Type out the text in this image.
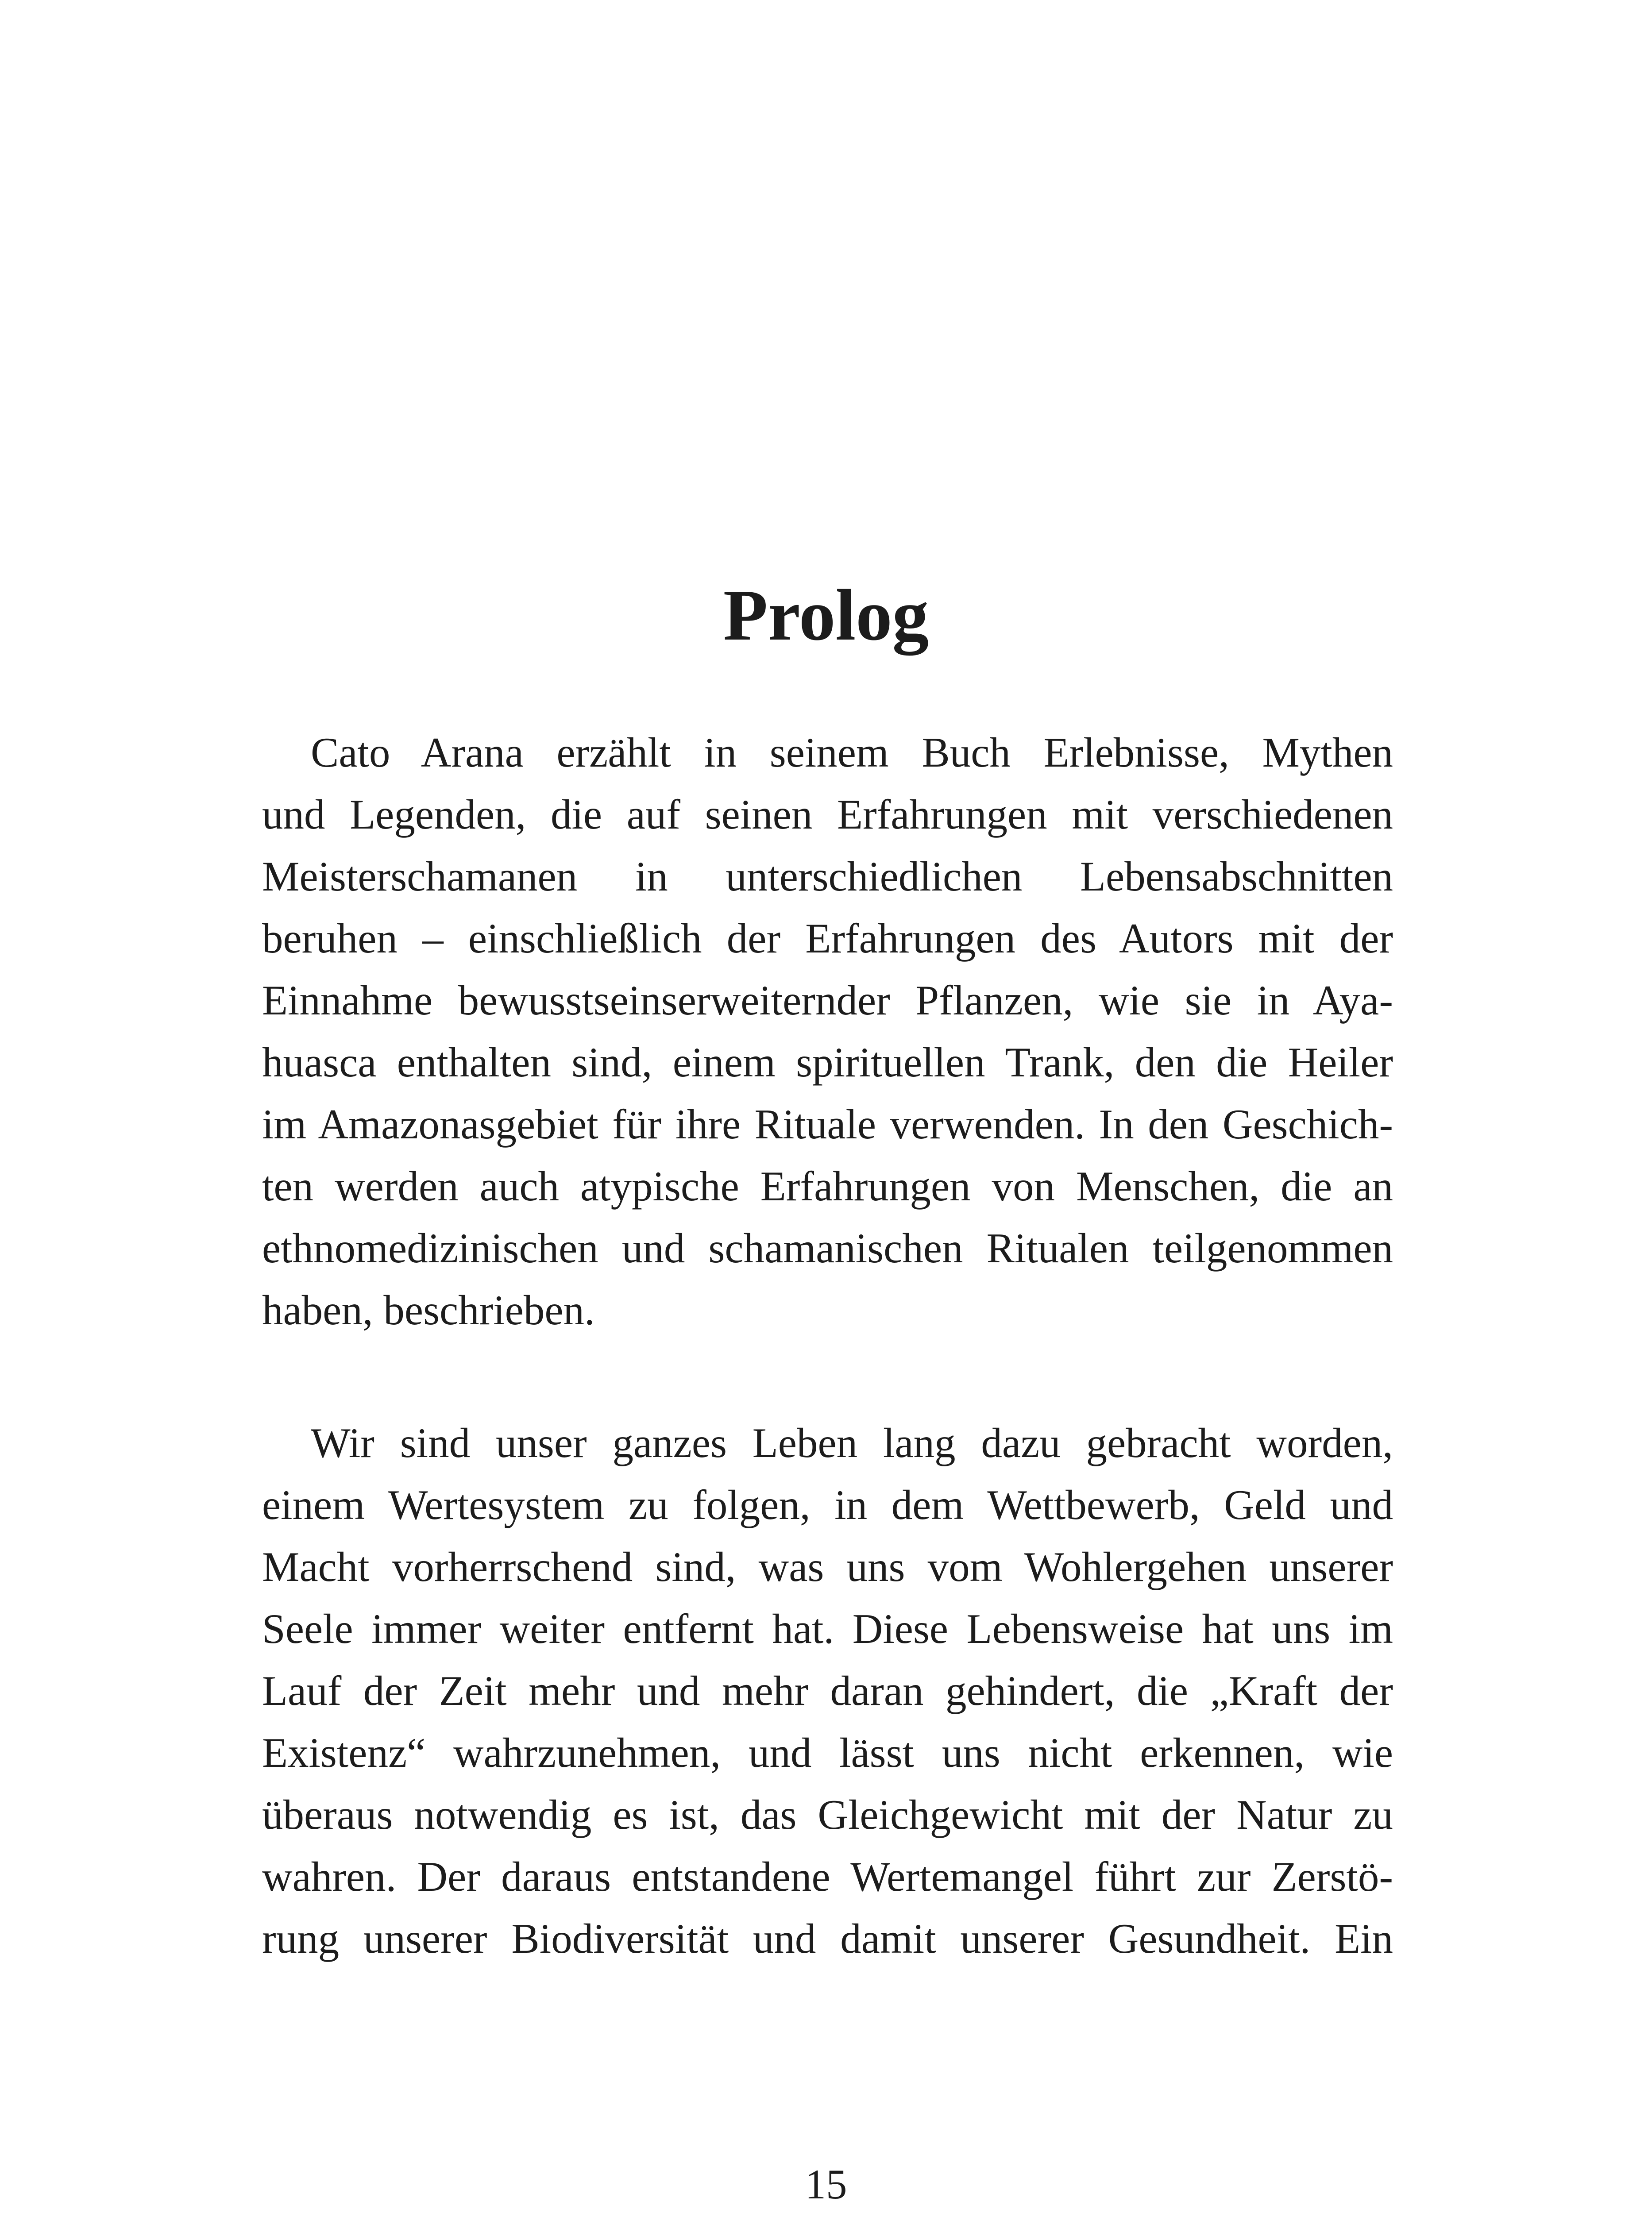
Prolog
Cato Arana erzählt in seinem Buch Erlebnisse, Mythen
und Legenden, die auf seinen Erfahrungen mit verschiedenen
Meisterschamanen in unterschiedlichen Lebensabschnitten
beruhen – einschließlich der Erfahrungen des Autors mit der
Einnahme bewusstseinserweiternder Pflanzen, wie sie in Aya-
huasca enthalten sind, einem spirituellen Trank, den die Heiler
im Amazonasgebiet für ihre Rituale verwenden. In den Geschich-
ten werden auch atypische Erfahrungen von Menschen, die an
ethnomedizinischen und schamanischen Ritualen teilgenommen
haben, beschrieben.
Wir sind unser ganzes Leben lang dazu gebracht worden,
einem Wertesystem zu folgen, in dem Wettbewerb, Geld und
Macht vorherrschend sind, was uns vom Wohlergehen unserer
Seele immer weiter entfernt hat. Diese Lebensweise hat uns im
Lauf der Zeit mehr und mehr daran gehindert, die „Kraft der
Existenz“ wahrzunehmen, und lässt uns nicht erkennen, wie
überaus notwendig es ist, das Gleichgewicht mit der Natur zu
wahren. Der daraus entstandene Wertemangel führt zur Zerstö-
rung unserer Biodiversität und damit unserer Gesundheit. Ein

15
